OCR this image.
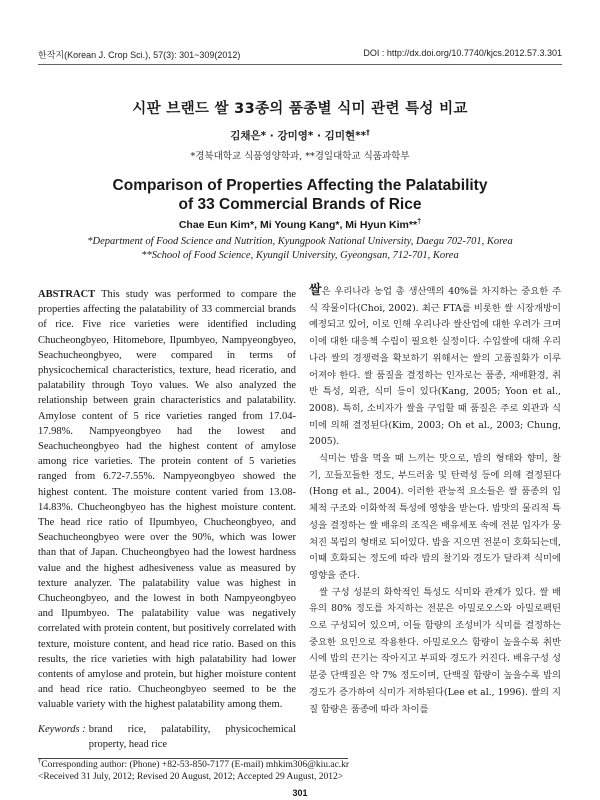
한작지(Korean J. Crop Sci.), 57(3): 301~309(2012)	DOI : http://dx.doi.org/10.7740/kjcs.2012.57.3.301
시판 브랜드 쌀 33종의 품종별 식미 관련 특성 비교
김채은* · 강미영* · 김미현**†
*경북대학교 식품영양학과, **경일대학교 식품과학부
Comparison of Properties Affecting the Palatability
of 33 Commercial Brands of Rice
Chae Eun Kim*, Mi Young Kang*, Mi Hyun Kim**†
*Department of Food Science and Nutrition, Kyungpook National University, Daegu 702-701, Korea
**School of Food Science, Kyungil University, Gyeongsan, 712-701, Korea
ABSTRACT This study was performed to compare the properties affecting the palatability of 33 commercial brands of rice. Five rice varieties were identified including Chucheongbyeo, Hitomebore, Ilpumbyeo, Nampyeongbyeo, Seachucheongbyeo, were compared in terms of physicochemical characteristics, texture, head riceratio, and palatability through Toyo values. We also analyzed the relationship between grain characteristics and palatability. Amylose content of 5 rice varieties ranged from 17.04-17.98%. Nampyeongbyeo had the lowest and Seachucheongbyeo had the highest content of amylose among rice varieties. The protein content of 5 varieties ranged from 6.72-7.55%. Nampyeongbyeo showed the highest content. The moisture content varied from 13.08-14.83%. Chucheongbyeo has the highest moisture content. The head rice ratio of Ilpumbyeo, Chucheongbyeo, and Seachucheongbyeo were over the 90%, which was lower than that of Japan. Chucheongbyeo had the lowest hardness value and the highest adhesiveness value as measured by texture analyzer. The palatability value was highest in Chucheongbyeo, and the lowest in both Nampyeongbyeo and Ilpumbyeo. The palatability value was negatively correlated with protein content, but positively correlated with texture, moisture content, and head rice ratio. Based on this results, the rice varieties with high palatability had lower contents of amylose and protein, but higher moisture content and head rice ratio. Chucheongbyeo seemed to be the valuable variety with the highest palatability among them.
Keywords : brand rice, palatability, physicochemical property, head rice

쌀은 우리나라 농업 총 생산액의 40%를 차지하는 중요한 주식 작물이다(Choi, 2002). 최근 FTA를 비롯한 쌀 시장개방이 예정되고 있어, 이로 인해 우리나라 쌀산업에 대한 우려가 크며 이에 대한 대응책 수립이 필요한 실정이다. 수입쌀에 대해 우리나라 쌀의 경쟁력을 확보하기 위해서는 쌀의 고품질화가 이루어져야 한다. 쌀 품질을 결정하는 인자로는 품종, 재배환경, 취반 특성, 외관, 식미 등이 있다(Kang, 2005; Yoon et al., 2008). 특히, 소비자가 쌀을 구입할 때 품질은 주로 외관과 식미에 의해 결정된다(Kim, 2003; Oh et al., 2003; Chung, 2005).

식미는 밥을 먹을 때 느끼는 맛으로, 밥의 형태와 향미, 찰기, 꼬들꼬들한 정도, 부드러움 및 탄력성 등에 의해 결정된다(Hong et al., 2004). 이러한 관능적 요소들은 쌀 품종의 입체적 구조와 이화학적 특성에 영향을 받는다. 밥맛의 물리적 특성을 결정하는 쌀 배유의 조직은 배유세포 속에 전분 입자가 뭉쳐진 복립의 형태로 되어있다. 밥을 지으면 전분이 호화되는데, 이때 호화되는 정도에 따라 밥의 찰기와 경도가 달라져 식미에 영향을 준다.

쌀 구성 성분의 화학적인 특성도 식미와 관계가 있다. 쌀 배유의 80% 정도를 차지하는 전분은 아밀로오스와 아밀로펙틴으로 구성되어 있으며, 이들 함량의 조성비가 식미를 결정하는 중요한 요인으로 작용한다. 아밀로오스 함량이 높을수록 취반 시에 밥의 끈기는 작아지고 부피와 경도가 커진다. 배유구성 성분중 단백질은 약 7% 정도이며, 단백질 함량이 높을수록 밥의 경도가 증가하여 식미가 저하된다(Lee et al., 1996). 쌀의 지질 함량은 품종에 따라 차이를

†Corresponding author: (Phone) +82-53-850-7177 (E-mail) mhkim306@kiu.ac.kr
<Received 31 July, 2012; Revised 20 August, 2012; Accepted 29 August, 2012>
301
